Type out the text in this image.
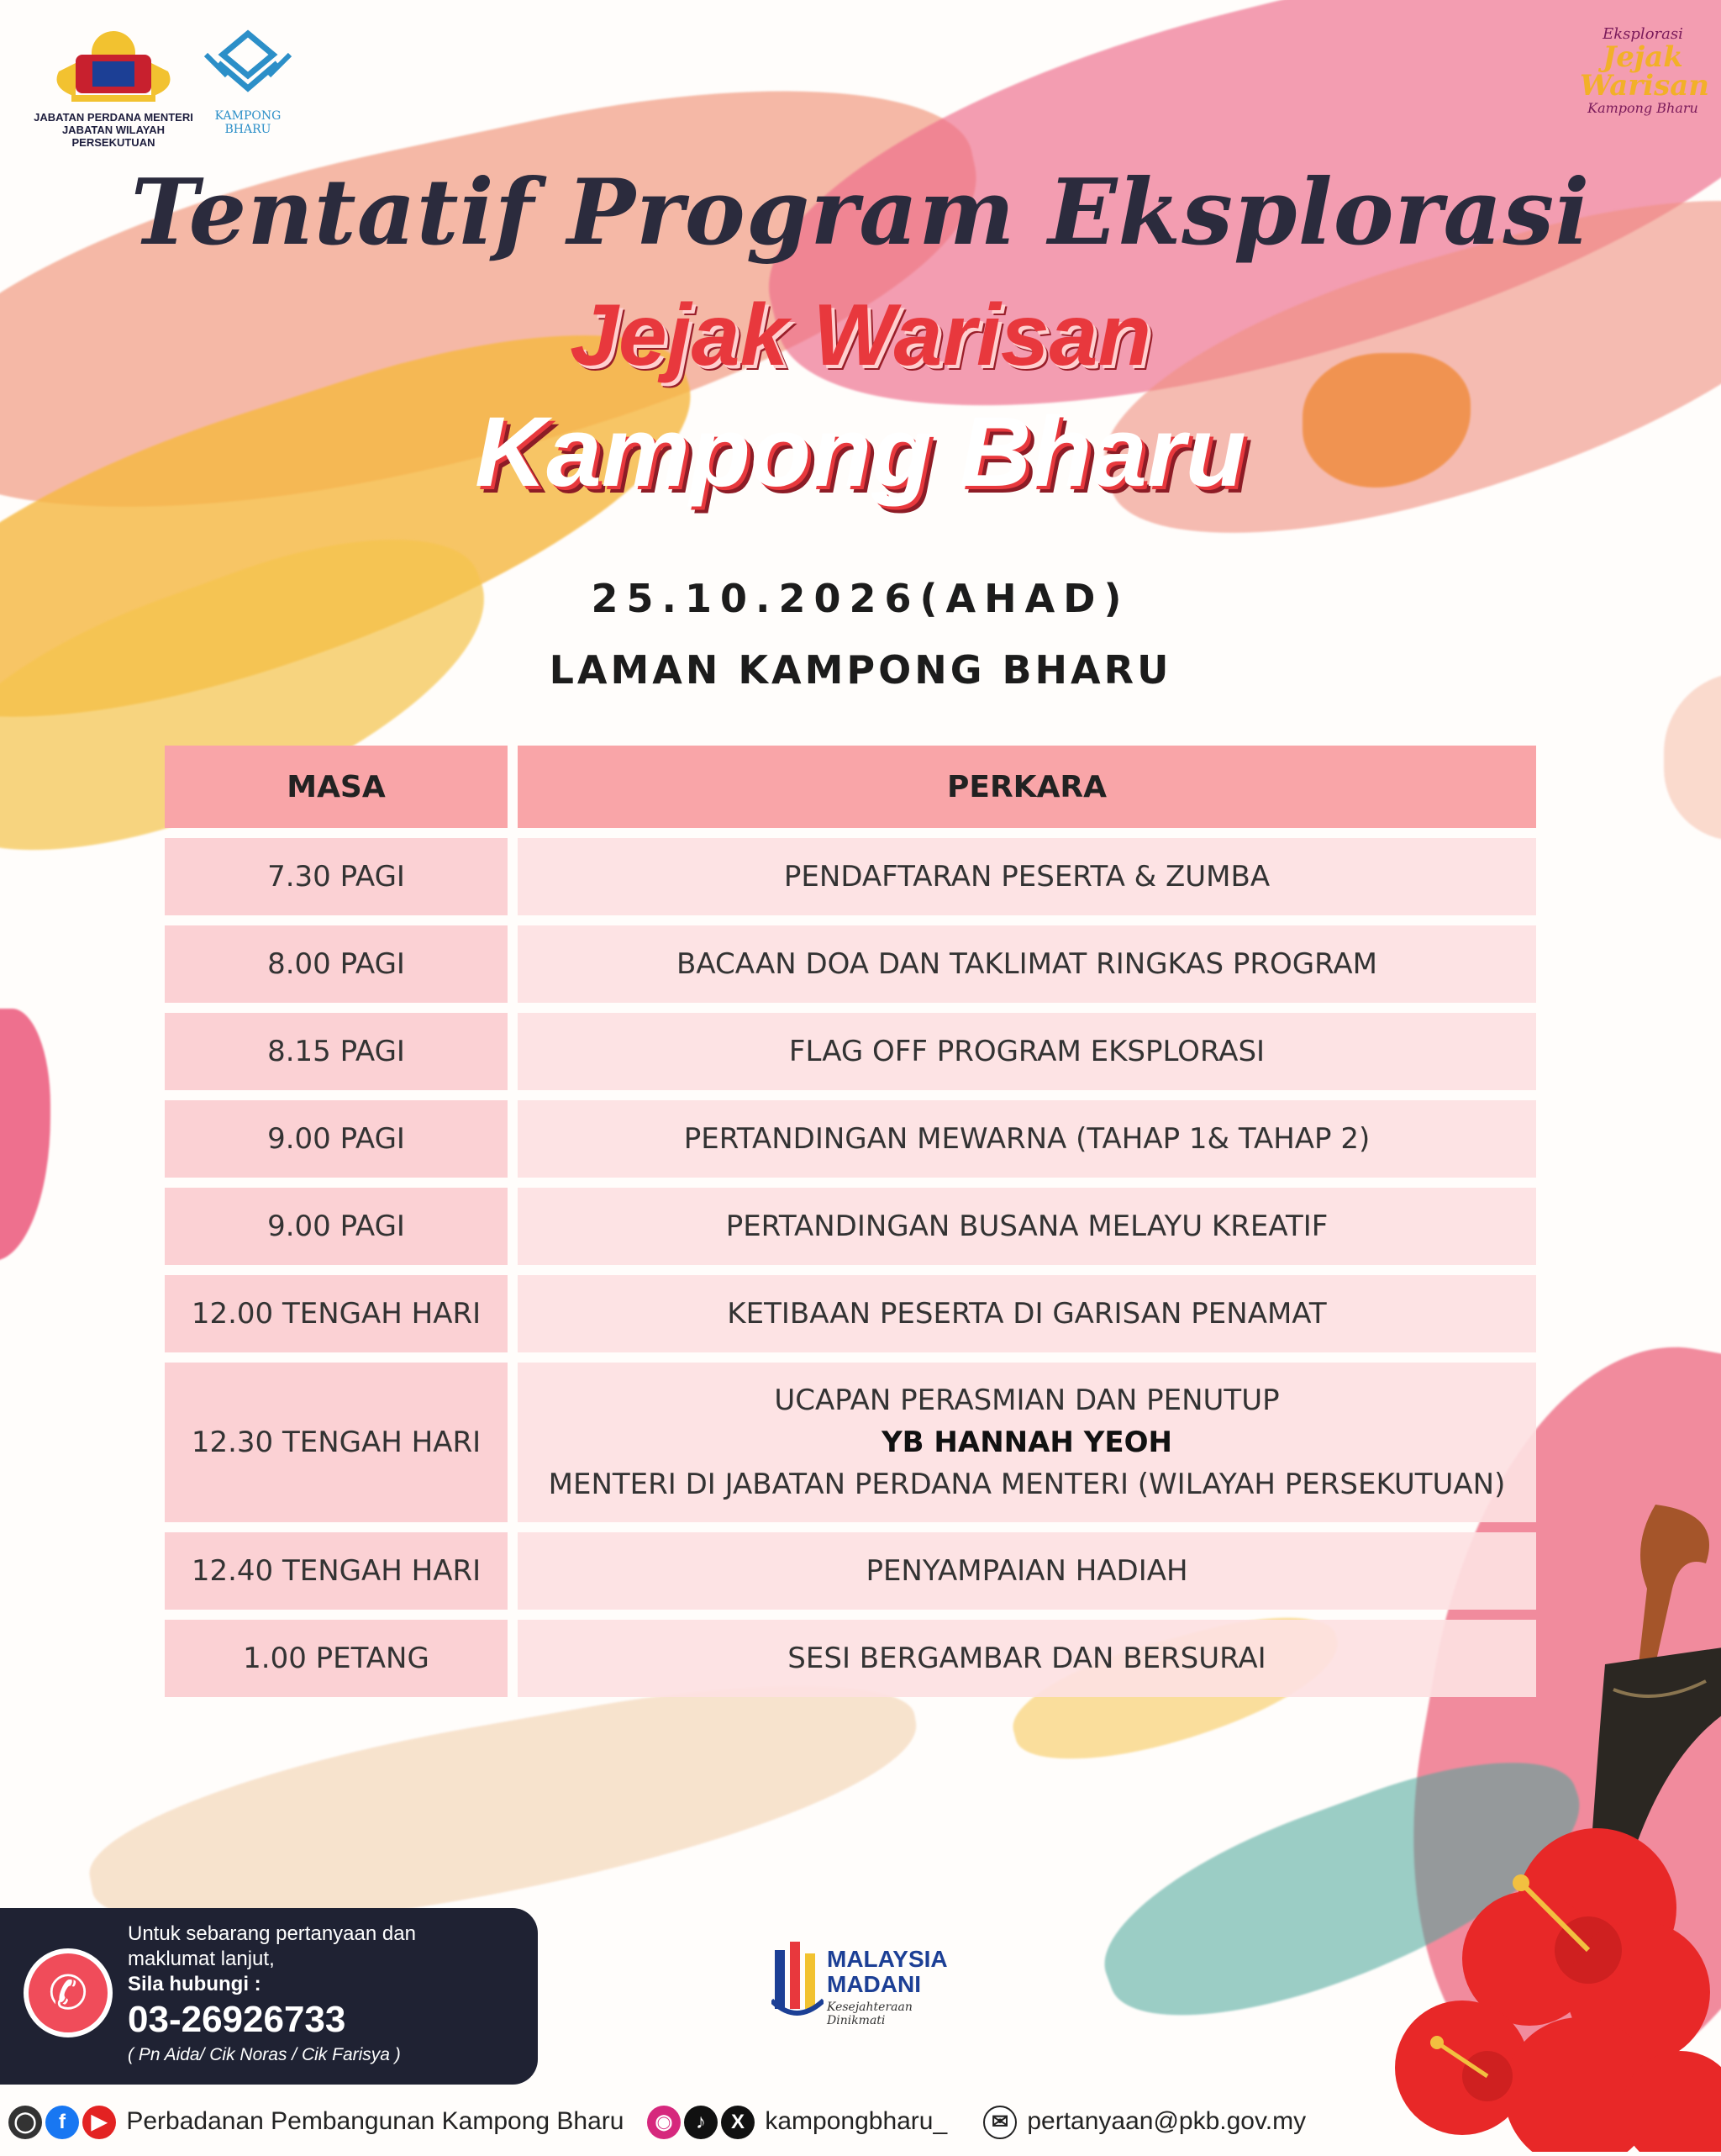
JABATAN PERDANA MENTERI
JABATAN WILAYAH PERSEKUTUAN
KAMPONG BHARU
Eksplorasi
Jejak
Warisan
Kampong Bharu
Tentatif Program Eksplorasi
Jejak Warisan
Kampong Bharu
25.10.2026(AHAD)
LAMAN KAMPONG BHARU
MASA	PERKARA
7.30 PAGI	PENDAFTARAN PESERTA & ZUMBA
8.00 PAGI	BACAAN DOA DAN TAKLIMAT RINGKAS PROGRAM
8.15 PAGI	FLAG OFF PROGRAM EKSPLORASI
9.00 PAGI	PERTANDINGAN MEWARNA (TAHAP 1& TAHAP 2)
9.00 PAGI	PERTANDINGAN BUSANA MELAYU KREATIF
12.00 TENGAH HARI	KETIBAAN PESERTA DI GARISAN PENAMAT
12.30 TENGAH HARI	UCAPAN PERASMIAN DAN PENUTUP
YB HANNAH YEOH
MENTERI DI JABATAN PERDANA MENTERI (WILAYAH PERSEKUTUAN)

12.40 TENGAH HARI	PENYAMPAIAN HADIAH
1.00 PETANG	SESI BERGAMBAR DAN BERSURAI
✆
Untuk sebarang pertanyaan dan
maklumat lanjut,
Sila hubungi :
03-26926733
( Pn Aida/ Cik Noras / Cik Farisya )
MALAYSIA
MADANI
Kesejahteraan Dinikmati
◯ f ▶ Perbadanan Pembangunan Kampong Bharu	◉ ♪ X kampongbharu_	✉ pertanyaan@pkb.gov.my
